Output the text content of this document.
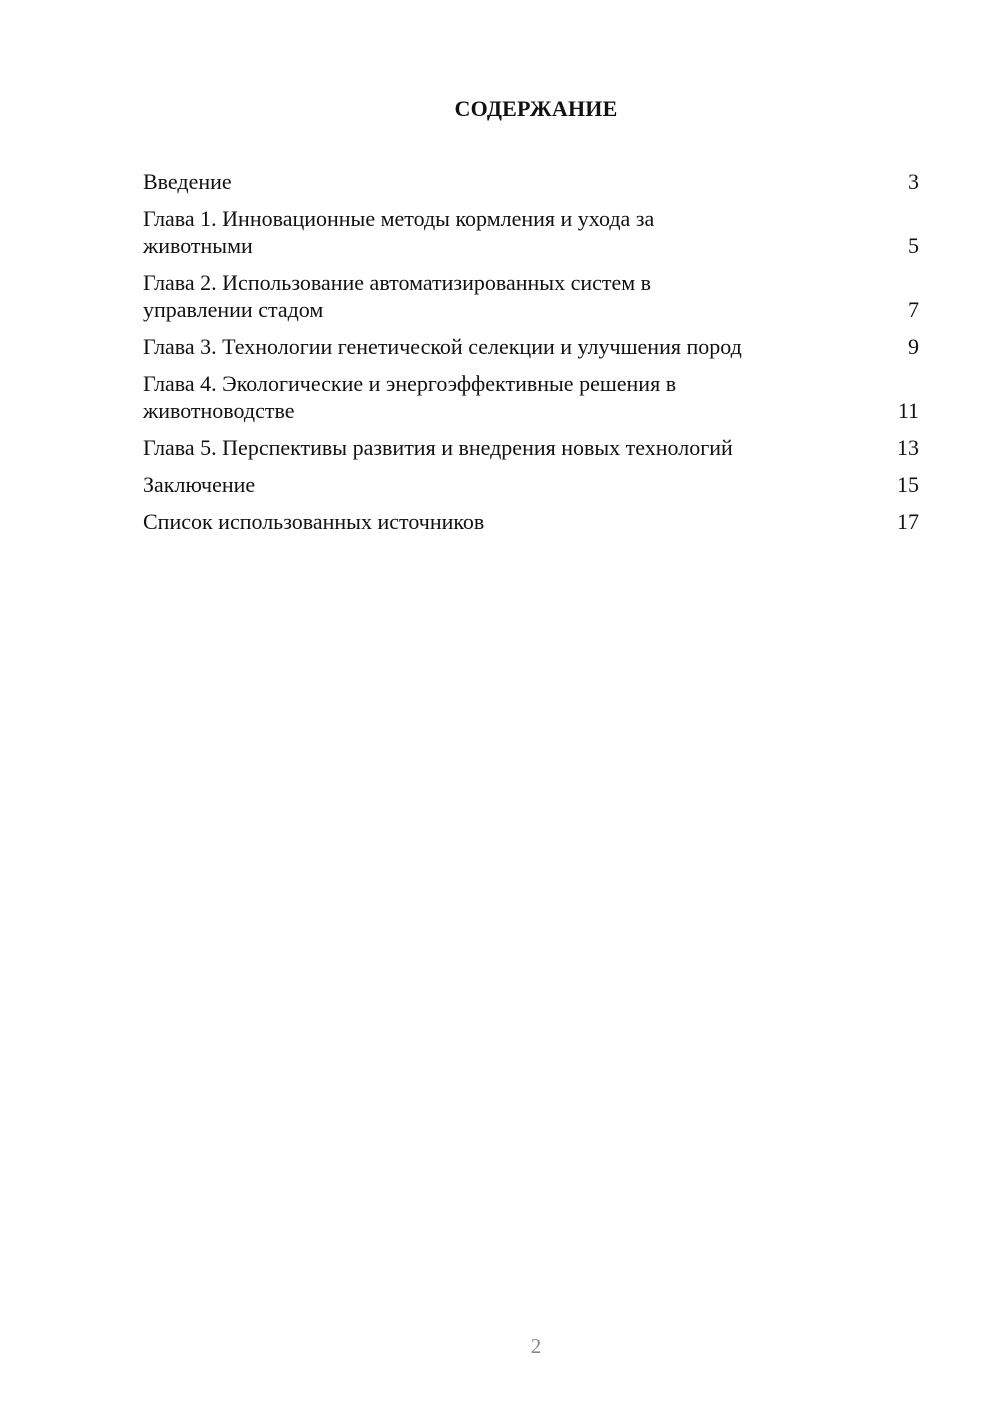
СОДЕРЖАНИЕ
Введение	3
Глава 1. Инновационные методы кормления и ухода за животными	5
Глава 2. Использование автоматизированных систем в управлении стадом	7
Глава 3. Технологии генетической селекции и улучшения пород	9
Глава 4. Экологические и энергоэффективные решения в животноводстве	11
Глава 5. Перспективы развития и внедрения новых технологий	13
Заключение	15
Список использованных источников	17
2
